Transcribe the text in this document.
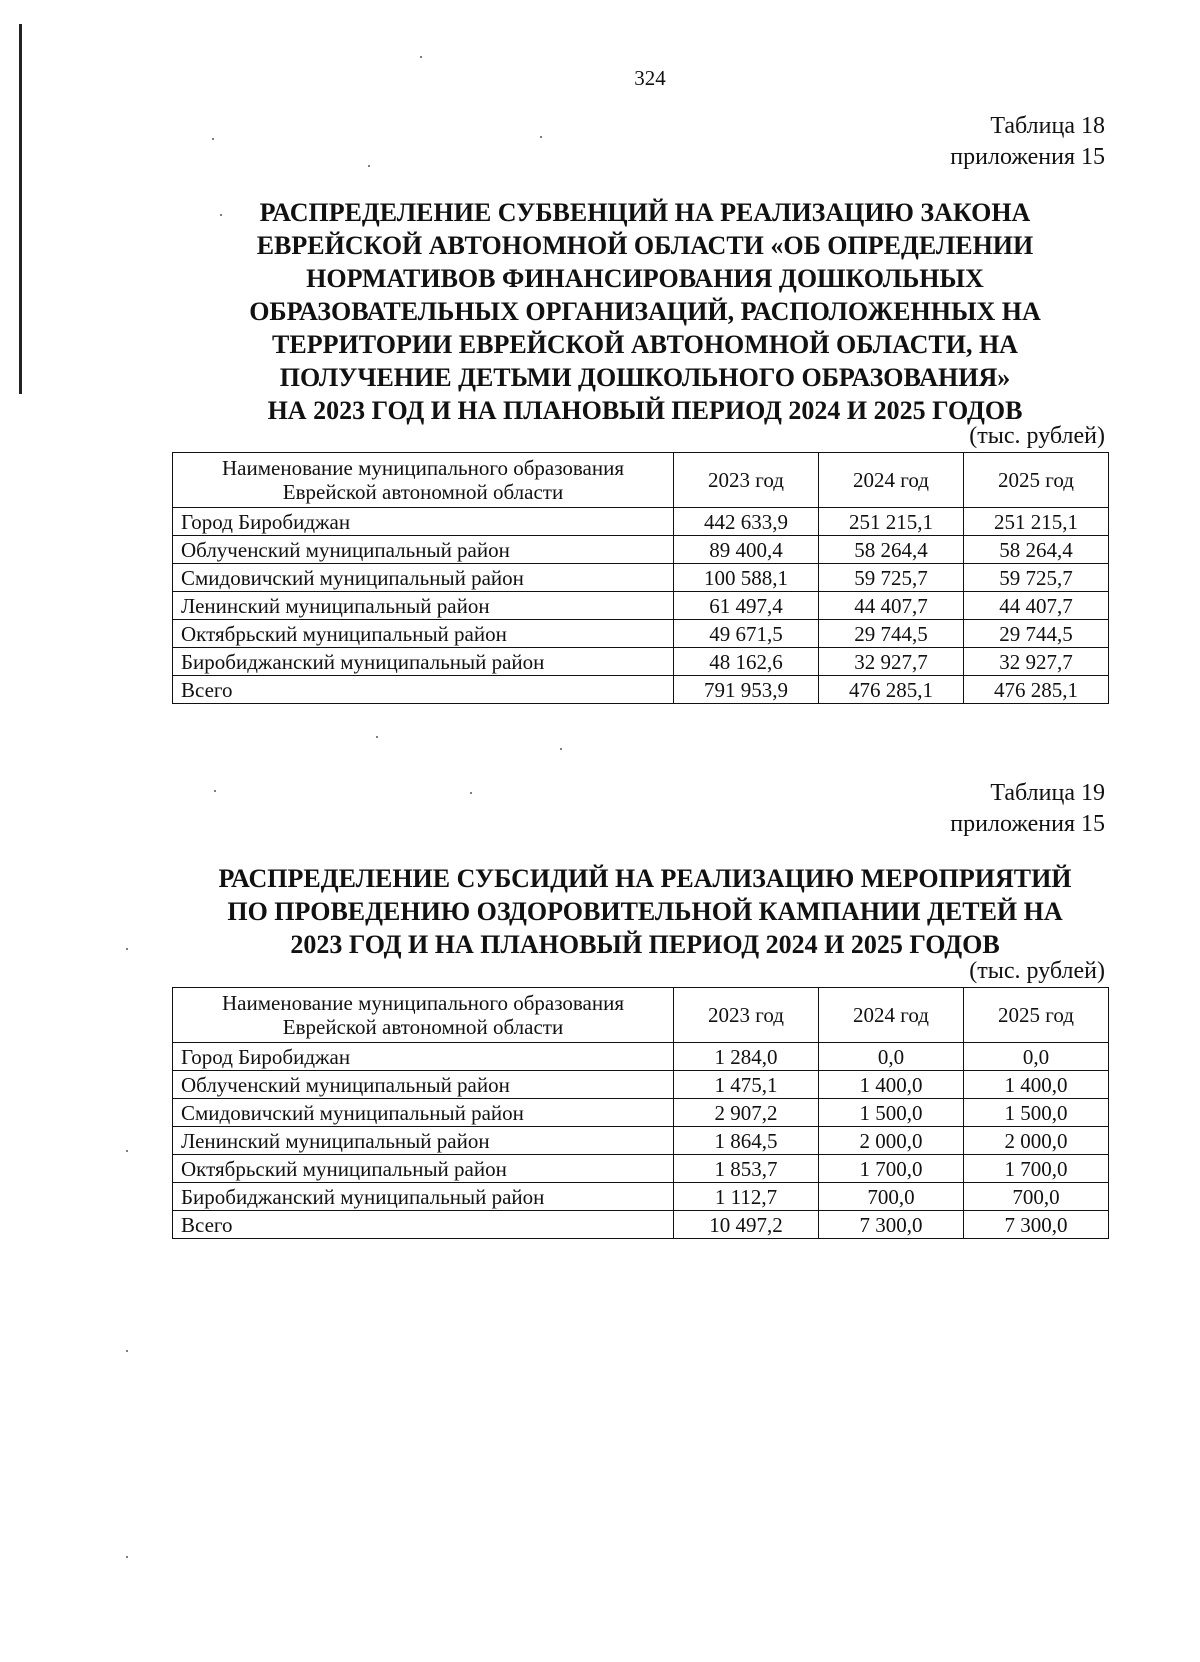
324
Таблица 18
приложения 15
РАСПРЕДЕЛЕНИЕ СУБВЕНЦИЙ НА РЕАЛИЗАЦИЮ ЗАКОНА
ЕВРЕЙСКОЙ АВТОНОМНОЙ ОБЛАСТИ «ОБ ОПРЕДЕЛЕНИИ
НОРМАТИВОВ ФИНАНСИРОВАНИЯ ДОШКОЛЬНЫХ
ОБРАЗОВАТЕЛЬНЫХ ОРГАНИЗАЦИЙ, РАСПОЛОЖЕННЫХ НА
ТЕРРИТОРИИ ЕВРЕЙСКОЙ АВТОНОМНОЙ ОБЛАСТИ, НА
ПОЛУЧЕНИЕ ДЕТЬМИ ДОШКОЛЬНОГО ОБРАЗОВАНИЯ»
НА 2023 ГОД И НА ПЛАНОВЫЙ ПЕРИОД 2024 И 2025 ГОДОВ
(тыс. рублей)
Наименование муниципального образования
Еврейской автономной области	2023 год	2024 год	2025 год
Город Биробиджан	442 633,9	251 215,1	251 215,1
Облученский муниципальный район	89 400,4	58 264,4	58 264,4
Смидовичский муниципальный район	100 588,1	59 725,7	59 725,7
Ленинский муниципальный район	61 497,4	44 407,7	44 407,7
Октябрьский муниципальный район	49 671,5	29 744,5	29 744,5
Биробиджанский муниципальный район	48 162,6	32 927,7	32 927,7
Всего	791 953,9	476 285,1	476 285,1
Таблица 19
приложения 15
РАСПРЕДЕЛЕНИЕ СУБСИДИЙ НА РЕАЛИЗАЦИЮ МЕРОПРИЯТИЙ
ПО ПРОВЕДЕНИЮ ОЗДОРОВИТЕЛЬНОЙ КАМПАНИИ ДЕТЕЙ НА
2023 ГОД И НА ПЛАНОВЫЙ ПЕРИОД 2024 И 2025 ГОДОВ
(тыс. рублей)
Наименование муниципального образования
Еврейской автономной области	2023 год	2024 год	2025 год
Город Биробиджан	1 284,0	0,0	0,0
Облученский муниципальный район	1 475,1	1 400,0	1 400,0
Смидовичский муниципальный район	2 907,2	1 500,0	1 500,0
Ленинский муниципальный район	1 864,5	2 000,0	2 000,0
Октябрьский муниципальный район	1 853,7	1 700,0	1 700,0
Биробиджанский муниципальный район	1 112,7	700,0	700,0
Всего	10 497,2	7 300,0	7 300,0
